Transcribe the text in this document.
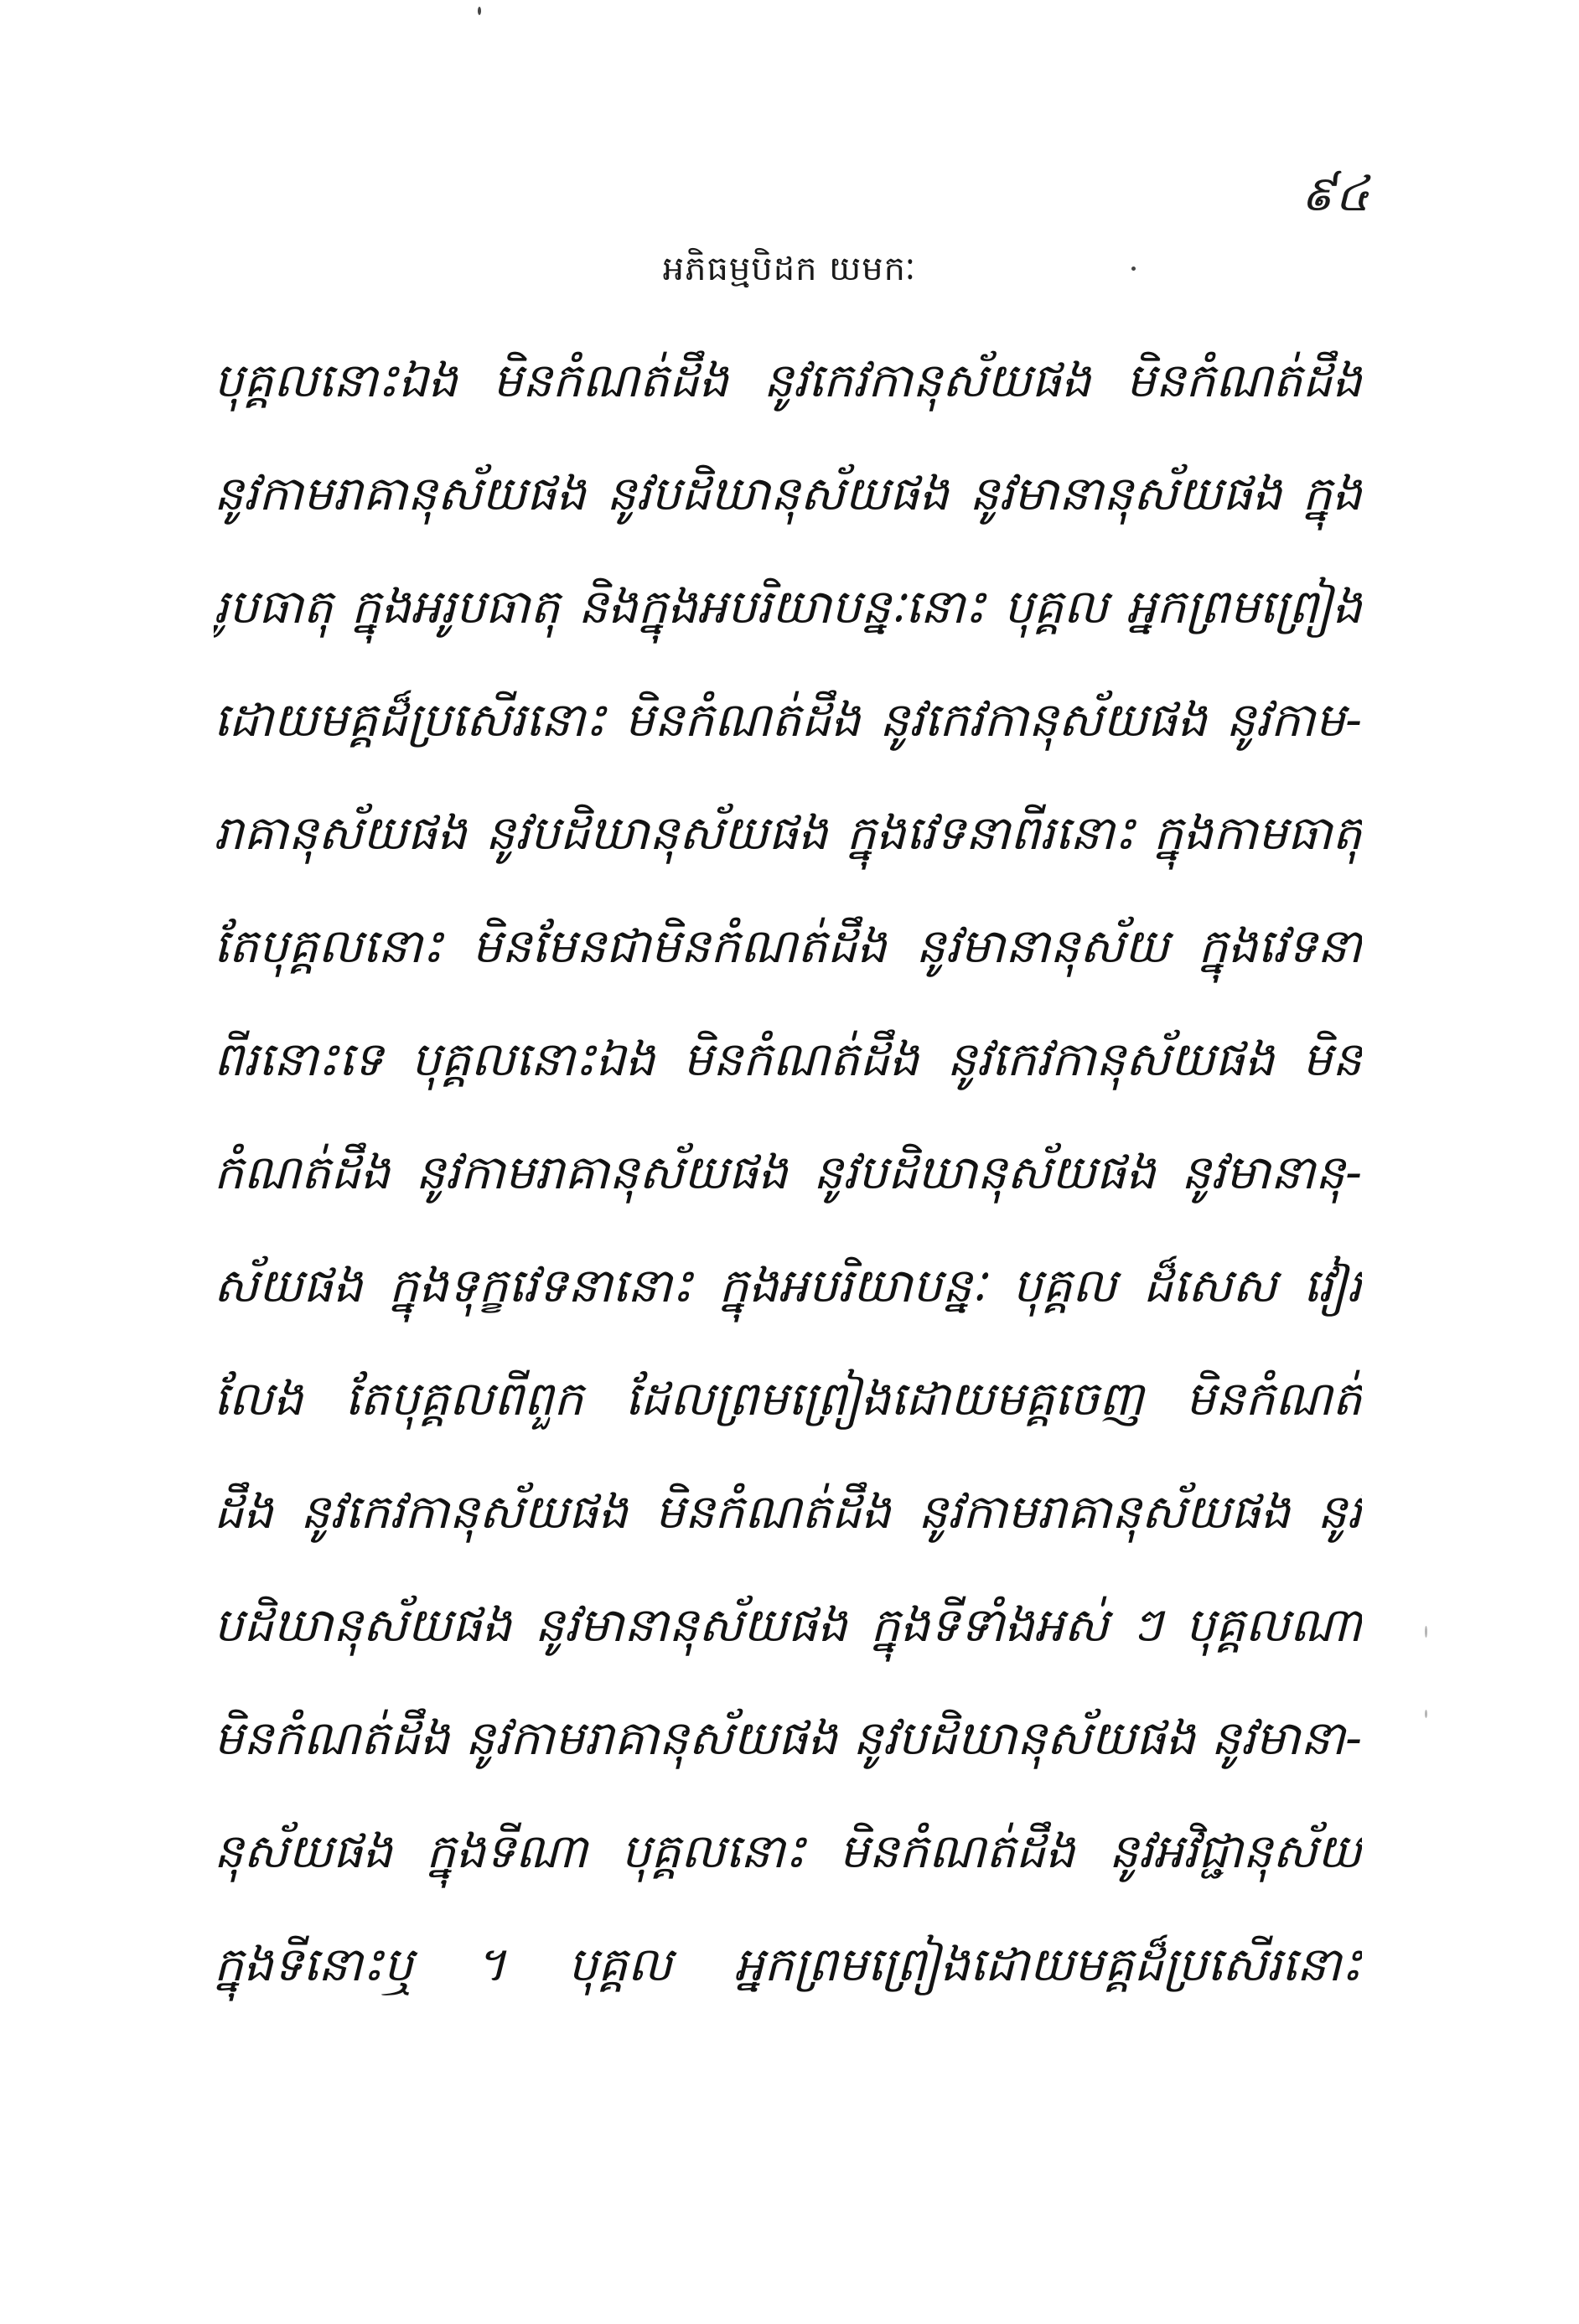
៩៤
អភិធម្មបិដក យមកៈ
បុគ្គលនោះឯង មិនកំណត់ដឹង នូវកេវកានុស័យផង មិនកំណត់ដឹង
នូវកាមរាគានុស័យផង នូវបដិឃានុស័យផង នូវមានានុស័យផង ក្នុង
រូបធាតុ ក្នុងអរូបធាតុ និងក្នុងអបរិយាបន្នៈនោះ បុគ្គល អ្នកព្រមព្រៀង
ដោយមគ្គដ៏ប្រសើរនោះ មិនកំណត់ដឹង នូវកេវកានុស័យផង នូវកាម-
រាគានុស័យផង នូវបដិឃានុស័យផង ក្នុងវេទនាពីរនោះ ក្នុងកាមធាតុ
តែបុគ្គលនោះ មិនមែនជាមិនកំណត់ដឹង នូវមានានុស័យ ក្នុងវេទនា
ពីរនោះទេ បុគ្គលនោះឯង មិនកំណត់ដឹង នូវកេវកានុស័យផង មិន
កំណត់ដឹង នូវកាមរាគានុស័យផង នូវបដិឃានុស័យផង នូវមានានុ-
ស័យផង ក្នុងទុក្ខវេទនានោះ ក្នុងអបរិយាបន្នៈ បុគ្គល ដ៏សេស វៀរ
លែង តែបុគ្គលពីពួក ដែលព្រមព្រៀងដោយមគ្គចេញ មិនកំណត់
ដឹង នូវកេវកានុស័យផង មិនកំណត់ដឹង នូវកាមរាគានុស័យផង នូវ
បដិឃានុស័យផង នូវមានានុស័យផង ក្នុងទីទាំងអស់ ៗ បុគ្គលណា
មិនកំណត់ដឹង នូវកាមរាគានុស័យផង នូវបដិឃានុស័យផង នូវមានា-
នុស័យផង ក្នុងទីណា បុគ្គលនោះ មិនកំណត់ដឹង នូវអវិជ្ជានុស័យ
ក្នុងទីនោះឬ ។ បុគ្គល អ្នកព្រមព្រៀងដោយមគ្គដ៏ប្រសើរនោះ
